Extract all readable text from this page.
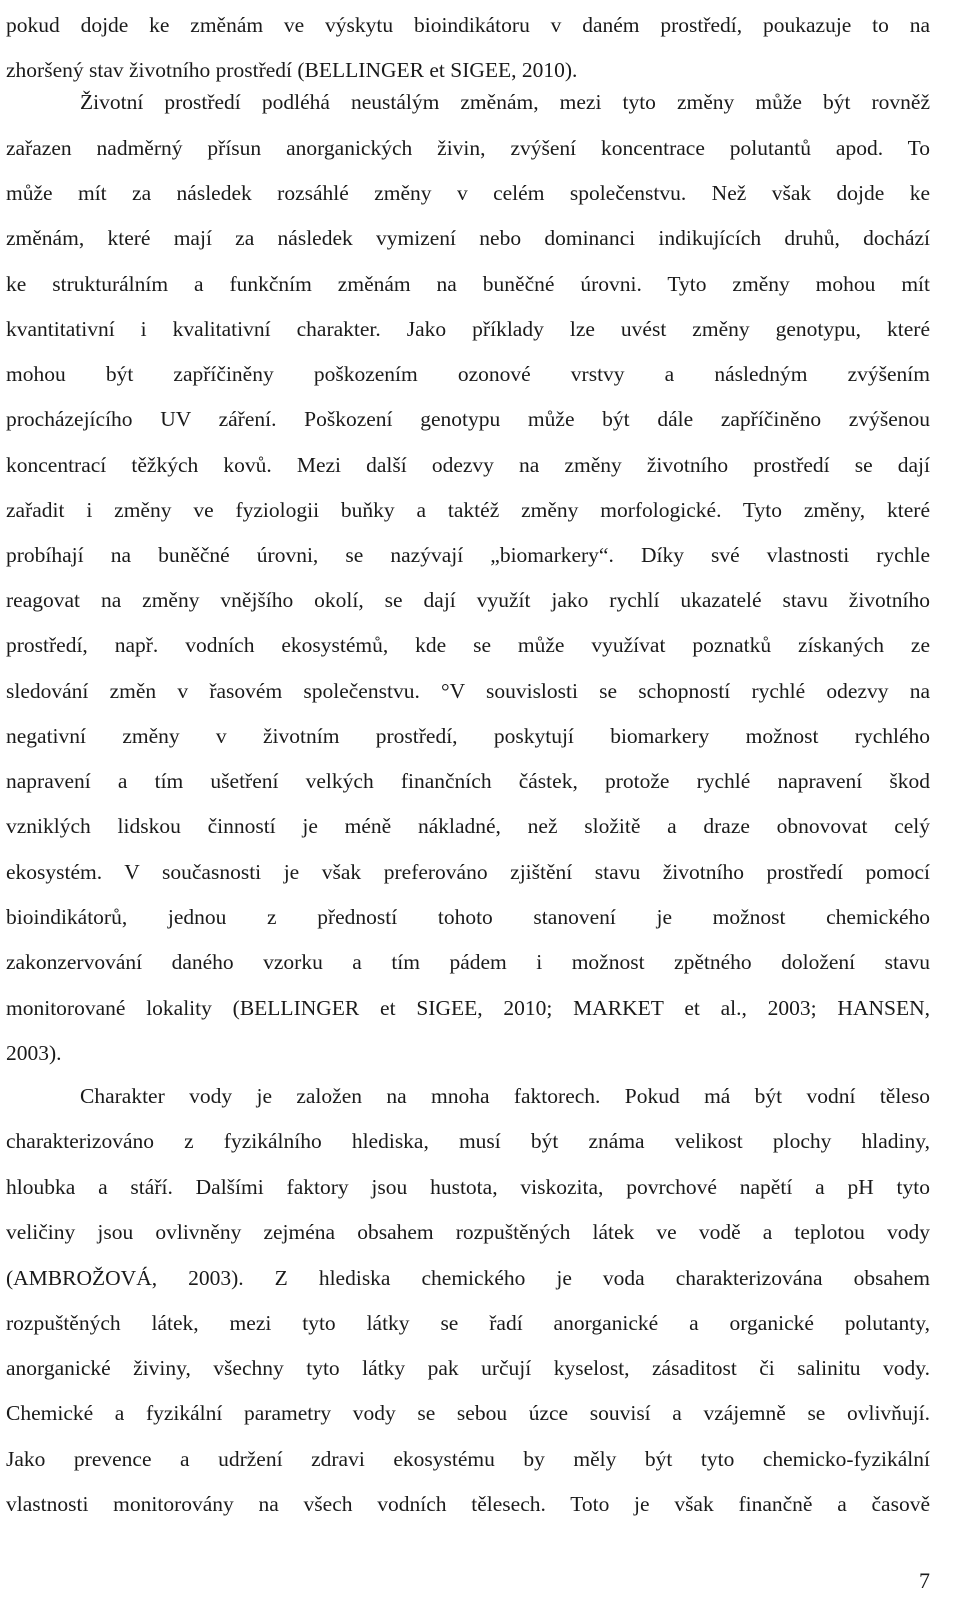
pokud dojde ke změnám ve výskytu bioindikátoru v daném prostředí, poukazuje to na
zhoršený stav životního prostředí (BELLINGER et SIGEE, 2010).
Životní prostředí podléhá neustálým změnám, mezi tyto změny může být rovněž
zařazen nadměrný přísun anorganických živin, zvýšení koncentrace polutantů apod. To
může mít za následek rozsáhlé změny v celém společenstvu. Než však dojde ke
změnám, které mají za následek vymizení nebo dominanci indikujících druhů, dochází
ke strukturálním a funkčním změnám na buněčné úrovni. Tyto změny mohou mít
kvantitativní i kvalitativní charakter. Jako příklady lze uvést změny genotypu, které
mohou být zapříčiněny poškozením ozonové vrstvy a následným zvýšením
procházejícího UV záření. Poškození genotypu může být dále zapříčiněno zvýšenou
koncentrací těžkých kovů. Mezi další odezvy na změny životního prostředí se dají
zařadit i změny ve fyziologii buňky a taktéž změny morfologické. Tyto změny, které
probíhají na buněčné úrovni, se nazývají „biomarkery“. Díky své vlastnosti rychle
reagovat na změny vnějšího okolí, se dají využít jako rychlí ukazatelé stavu životního
prostředí, např. vodních ekosystémů, kde se může využívat poznatků získaných ze
sledování změn v řasovém společenstvu. °V souvislosti se schopností rychlé odezvy na
negativní změny v životním prostředí, poskytují biomarkery možnost rychlého
napravení a tím ušetření velkých finančních částek, protože rychlé napravení škod
vzniklých lidskou činností je méně nákladné, než složitě a draze obnovovat celý
ekosystém. V současnosti je však preferováno zjištění stavu životního prostředí pomocí
bioindikátorů, jednou z předností tohoto stanovení je možnost chemického
zakonzervování daného vzorku a tím pádem i možnost zpětného doložení stavu
monitorované lokality (BELLINGER et SIGEE, 2010; MARKET et al., 2003; HANSEN,
2003).
Charakter vody je založen na mnoha faktorech. Pokud má být vodní těleso
charakterizováno z fyzikálního hlediska, musí být známa velikost plochy hladiny,
hloubka a stáří. Dalšími faktory jsou hustota, viskozita, povrchové napětí a pH tyto
veličiny jsou ovlivněny zejména obsahem rozpuštěných látek ve vodě a teplotou vody
(AMBROŽOVÁ, 2003). Z hlediska chemického je voda charakterizována obsahem
rozpuštěných látek, mezi tyto látky se řadí anorganické a organické polutanty,
anorganické živiny, všechny tyto látky pak určují kyselost, zásaditost či salinitu vody.
Chemické a fyzikální parametry vody se sebou úzce souvisí a vzájemně se ovlivňují.
Jako prevence a udržení zdravi ekosystému by měly být tyto chemicko-fyzikální
vlastnosti monitorovány na všech vodních tělesech. Toto je však finančně a časově
7
